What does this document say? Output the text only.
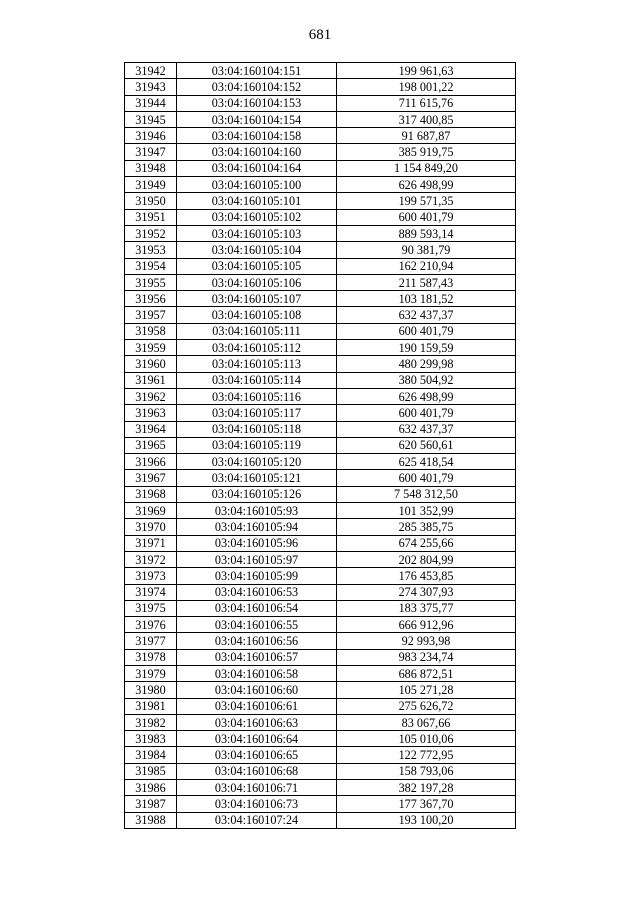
681
31942	03:04:160104:151	199 961,63
31943	03:04:160104:152	198 001,22
31944	03:04:160104:153	711 615,76
31945	03:04:160104:154	317 400,85
31946	03:04:160104:158	91 687,87
31947	03:04:160104:160	385 919,75
31948	03:04:160104:164	1 154 849,20
31949	03:04:160105:100	626 498,99
31950	03:04:160105:101	199 571,35
31951	03:04:160105:102	600 401,79
31952	03:04:160105:103	889 593,14
31953	03:04:160105:104	90 381,79
31954	03:04:160105:105	162 210,94
31955	03:04:160105:106	211 587,43
31956	03:04:160105:107	103 181,52
31957	03:04:160105:108	632 437,37
31958	03:04:160105:111	600 401,79
31959	03:04:160105:112	190 159,59
31960	03:04:160105:113	480 299,98
31961	03:04:160105:114	380 504,92
31962	03:04:160105:116	626 498,99
31963	03:04:160105:117	600 401,79
31964	03:04:160105:118	632 437,37
31965	03:04:160105:119	620 560,61
31966	03:04:160105:120	625 418,54
31967	03:04:160105:121	600 401,79
31968	03:04:160105:126	7 548 312,50
31969	03:04:160105:93	101 352,99
31970	03:04:160105:94	285 385,75
31971	03:04:160105:96	674 255,66
31972	03:04:160105:97	202 804,99
31973	03:04:160105:99	176 453,85
31974	03:04:160106:53	274 307,93
31975	03:04:160106:54	183 375,77
31976	03:04:160106:55	666 912,96
31977	03:04:160106:56	92 993,98
31978	03:04:160106:57	983 234,74
31979	03:04:160106:58	686 872,51
31980	03:04:160106:60	105 271,28
31981	03:04:160106:61	275 626,72
31982	03:04:160106:63	83 067,66
31983	03:04:160106:64	105 010,06
31984	03:04:160106:65	122 772,95
31985	03:04:160106:68	158 793,06
31986	03:04:160106:71	382 197,28
31987	03:04:160106:73	177 367,70
31988	03:04:160107:24	193 100,20
